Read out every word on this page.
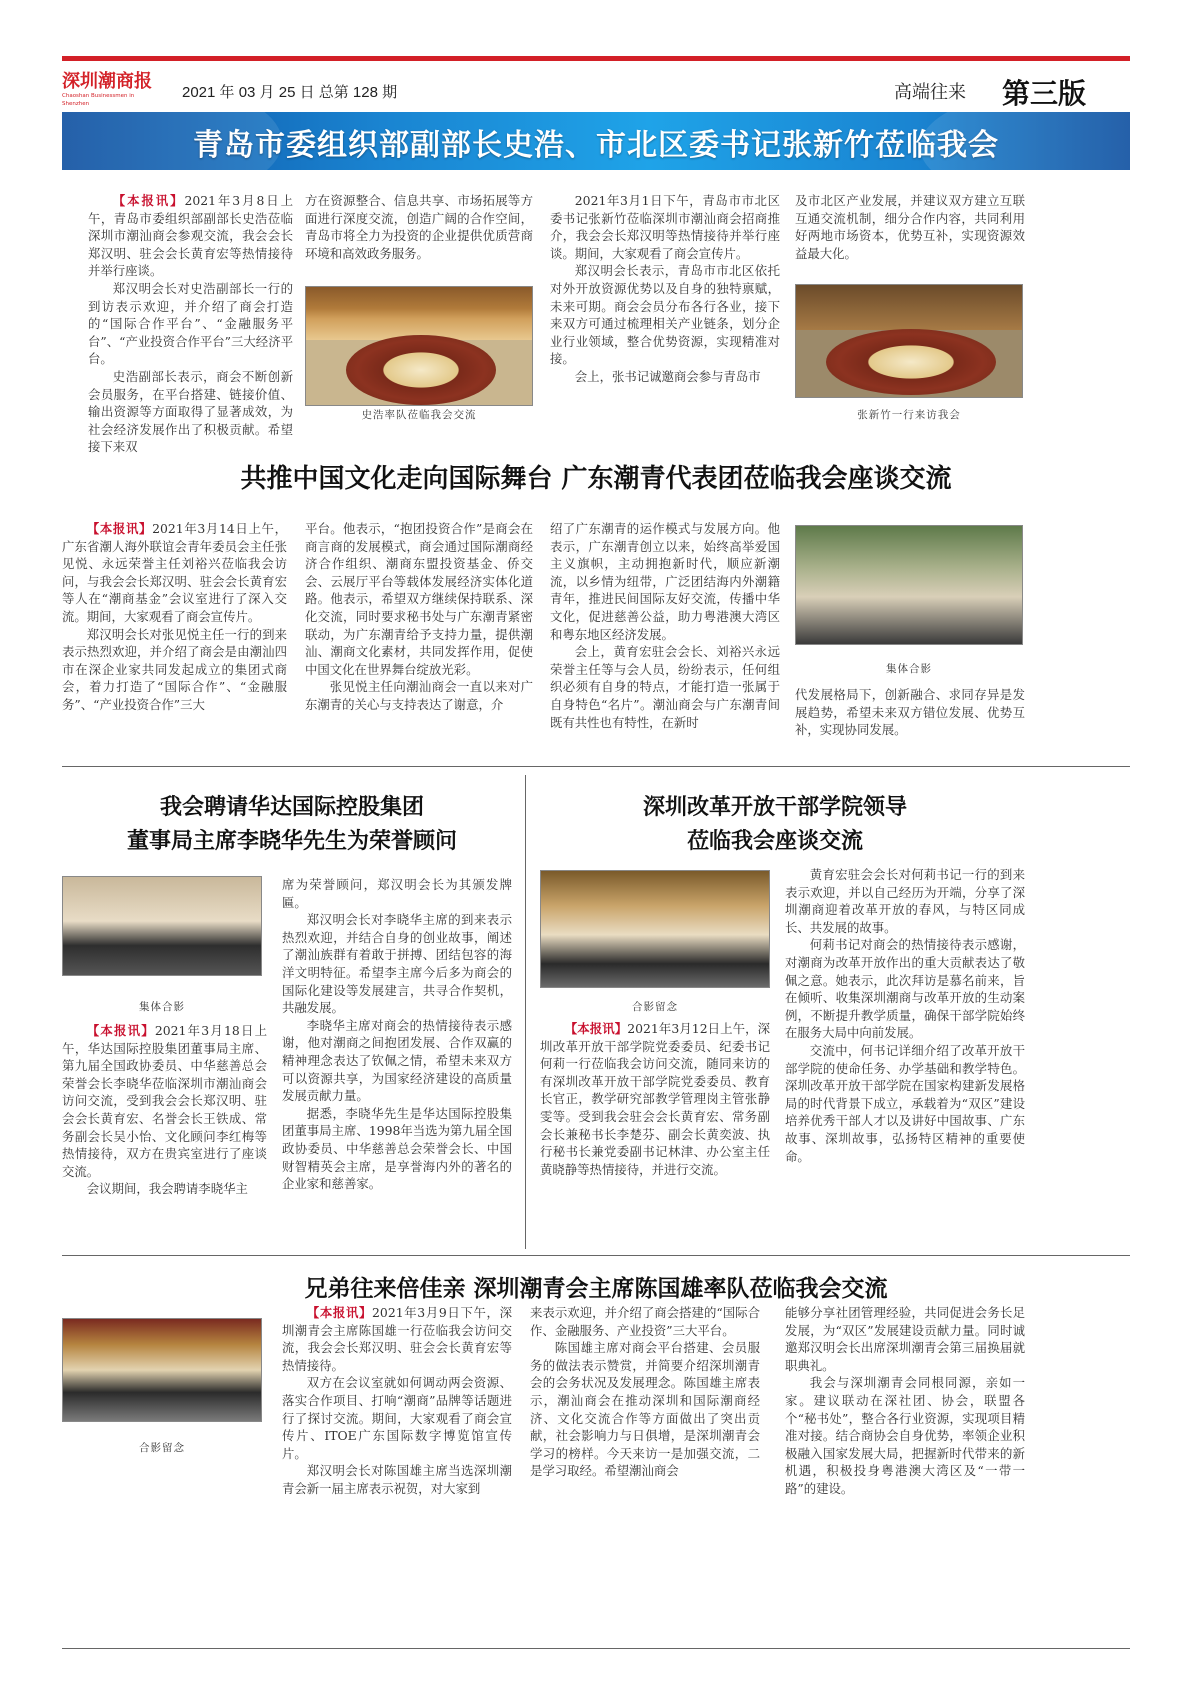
深圳潮商报
Chaoshan Businessmen in Shenzhen
2021 年 03 月 25 日 总第 128 期	高端往来 第三版
青岛市委组织部副部长史浩、市北区委书记张新竹莅临我会

【本报讯】2021年3月8日上午，青岛市委组织部副部长史浩莅临深圳市潮汕商会参观交流，我会会长郑汉明、驻会会长黄育宏等热情接待并举行座谈。

郑汉明会长对史浩副部长一行的到访表示欢迎，并介绍了商会打造的“国际合作平台”、“金融服务平台”、“产业投资合作平台”三大经济平台。

史浩副部长表示，商会不断创新会员服务，在平台搭建、链接价值、输出资源等方面取得了显著成效，为社会经济发展作出了积极贡献。希望接下来双

方在资源整合、信息共享、市场拓展等方面进行深度交流，创造广阔的合作空间，青岛市将全力为投资的企业提供优质营商环境和高效政务服务。

史浩率队莅临我会交流

2021年3月1日下午，青岛市市北区委书记张新竹莅临深圳市潮汕商会招商推介，我会会长郑汉明等热情接待并举行座谈。期间，大家观看了商会宣传片。

郑汉明会长表示，青岛市市北区依托对外开放资源优势以及自身的独特禀赋，未来可期。商会会员分布各行各业，接下来双方可通过梳理相关产业链条，划分企业行业领域，整合优势资源，实现精准对接。

会上，张书记诚邀商会参与青岛市

及市北区产业发展，并建议双方建立互联互通交流机制，细分合作内容，共同利用好两地市场资本，优势互补，实现资源效益最大化。

张新竹一行来访我会
共推中国文化走向国际舞台 广东潮青代表团莅临我会座谈交流

【本报讯】2021年3月14日上午，广东省潮人海外联谊会青年委员会主任张见悦、永远荣誉主任刘裕兴莅临我会访问，与我会会长郑汉明、驻会会长黄育宏等人在“潮商基金”会议室进行了深入交流。期间，大家观看了商会宣传片。

郑汉明会长对张见悦主任一行的到来表示热烈欢迎，并介绍了商会是由潮汕四市在深企业家共同发起成立的集团式商会，着力打造了“国际合作”、“金融服务”、“产业投资合作”三大

平台。他表示，“抱团投资合作”是商会在商言商的发展模式，商会通过国际潮商经济合作组织、潮商东盟投资基金、侨交会、云展厅平台等载体发展经济实体化道路。他表示，希望双方继续保持联系、深化交流，同时要求秘书处与广东潮青紧密联动，为广东潮青给予支持力量，提供潮汕、潮商文化素材，共同发挥作用，促使中国文化在世界舞台绽放光彩。

张见悦主任向潮汕商会一直以来对广东潮青的关心与支持表达了谢意，介

绍了广东潮青的运作模式与发展方向。他表示，广东潮青创立以来，始终高举爱国主义旗帜，主动拥抱新时代，顺应新潮流，以乡情为纽带，广泛团结海内外潮籍青年，推进民间国际友好交流，传播中华文化，促进慈善公益，助力粤港澳大湾区和粤东地区经济发展。

会上，黄育宏驻会会长、刘裕兴永远荣誉主任等与会人员，纷纷表示，任何组织必须有自身的特点，才能打造一张属于自身特色“名片”。潮汕商会与广东潮青间既有共性也有特性，在新时

集体合影

代发展格局下，创新融合、求同存异是发展趋势，希望未来双方错位发展、优势互补，实现协同发展。

我会聘请华达国际控股集团
董事局主席李晓华先生为荣誉顾问
集体合影

【本报讯】2021年3月18日上午，华达国际控股集团董事局主席、第九届全国政协委员、中华慈善总会荣誉会长李晓华莅临深圳市潮汕商会访问交流，受到我会会长郑汉明、驻会会长黄育宏、名誉会长王铁成、常务副会长吴小怡、文化顾问李红梅等热情接待，双方在贵宾室进行了座谈交流。

会议期间，我会聘请李晓华主

席为荣誉顾问，郑汉明会长为其颁发牌匾。

郑汉明会长对李晓华主席的到来表示热烈欢迎，并结合自身的创业故事，阐述了潮汕族群有着敢于拼搏、团结包容的海洋文明特征。希望李主席今后多为商会的国际化建设等发展建言，共寻合作契机，共融发展。

李晓华主席对商会的热情接待表示感谢，他对潮商之间抱团发展、合作双赢的精神理念表达了钦佩之情，希望未来双方可以资源共享，为国家经济建设的高质量发展贡献力量。

据悉，李晓华先生是华达国际控股集团董事局主席、1998年当选为第九届全国政协委员、中华慈善总会荣誉会长、中国财智精英会主席，是享誉海内外的著名的企业家和慈善家。

深圳改革开放干部学院领导
莅临我会座谈交流
合影留念

【本报讯】2021年3月12日上午，深圳改革开放干部学院党委委员、纪委书记何莉一行莅临我会访问交流，随同来访的有深圳改革开放干部学院党委委员、教育长官正，教学研究部教学管理岗主管张静雯等。受到我会驻会会长黄育宏、常务副会长兼秘书长李楚芬、副会长黄奕波、执行秘书长兼党委副书记林津、办公室主任黄晓静等热情接待，并进行交流。

黄育宏驻会会长对何莉书记一行的到来表示欢迎，并以自己经历为开端，分享了深圳潮商迎着改革开放的春风，与特区同成长、共发展的故事。

何莉书记对商会的热情接待表示感谢，对潮商为改革开放作出的重大贡献表达了敬佩之意。她表示，此次拜访是慕名前来，旨在倾听、收集深圳潮商与改革开放的生动案例，不断提升教学质量，确保干部学院始终在服务大局中向前发展。

交流中，何书记详细介绍了改革开放干部学院的使命任务、办学基础和教学特色。深圳改革开放干部学院在国家构建新发展格局的时代背景下成立，承载着为“双区”建设培养优秀干部人才以及讲好中国故事、广东故事、深圳故事，弘扬特区精神的重要使命。

兄弟往来倍佳亲 深圳潮青会主席陈国雄率队莅临我会交流
合影留念

【本报讯】2021年3月9日下午，深圳潮青会主席陈国雄一行莅临我会访问交流，我会会长郑汉明、驻会会长黄育宏等热情接待。

双方在会议室就如何调动两会资源、落实合作项目、打响“潮商”品牌等话题进行了探讨交流。期间，大家观看了商会宣传片、ITOE广东国际数字博览馆宣传片。

郑汉明会长对陈国雄主席当选深圳潮青会新一届主席表示祝贺，对大家到

来表示欢迎，并介绍了商会搭建的“国际合作、金融服务、产业投资”三大平台。

陈国雄主席对商会平台搭建、会员服务的做法表示赞赏，并简要介绍深圳潮青会的会务状况及发展理念。陈国雄主席表示，潮汕商会在推动深圳和国际潮商经济、文化交流合作等方面做出了突出贡献，社会影响力与日俱增，是深圳潮青会学习的榜样。今天来访一是加强交流，二是学习取经。希望潮汕商会

能够分享社团管理经验，共同促进会务长足发展，为“双区”发展建设贡献力量。同时诚邀郑汉明会长出席深圳潮青会第三届换届就职典礼。

我会与深圳潮青会同根同源，亲如一家。建议联动在深社团、协会，联盟各个“秘书处”，整合各行业资源，实现项目精准对接。结合商协会自身优势，率领企业积极融入国家发展大局，把握新时代带来的新机遇，积极投身粤港澳大湾区及“一带一路”的建设。
